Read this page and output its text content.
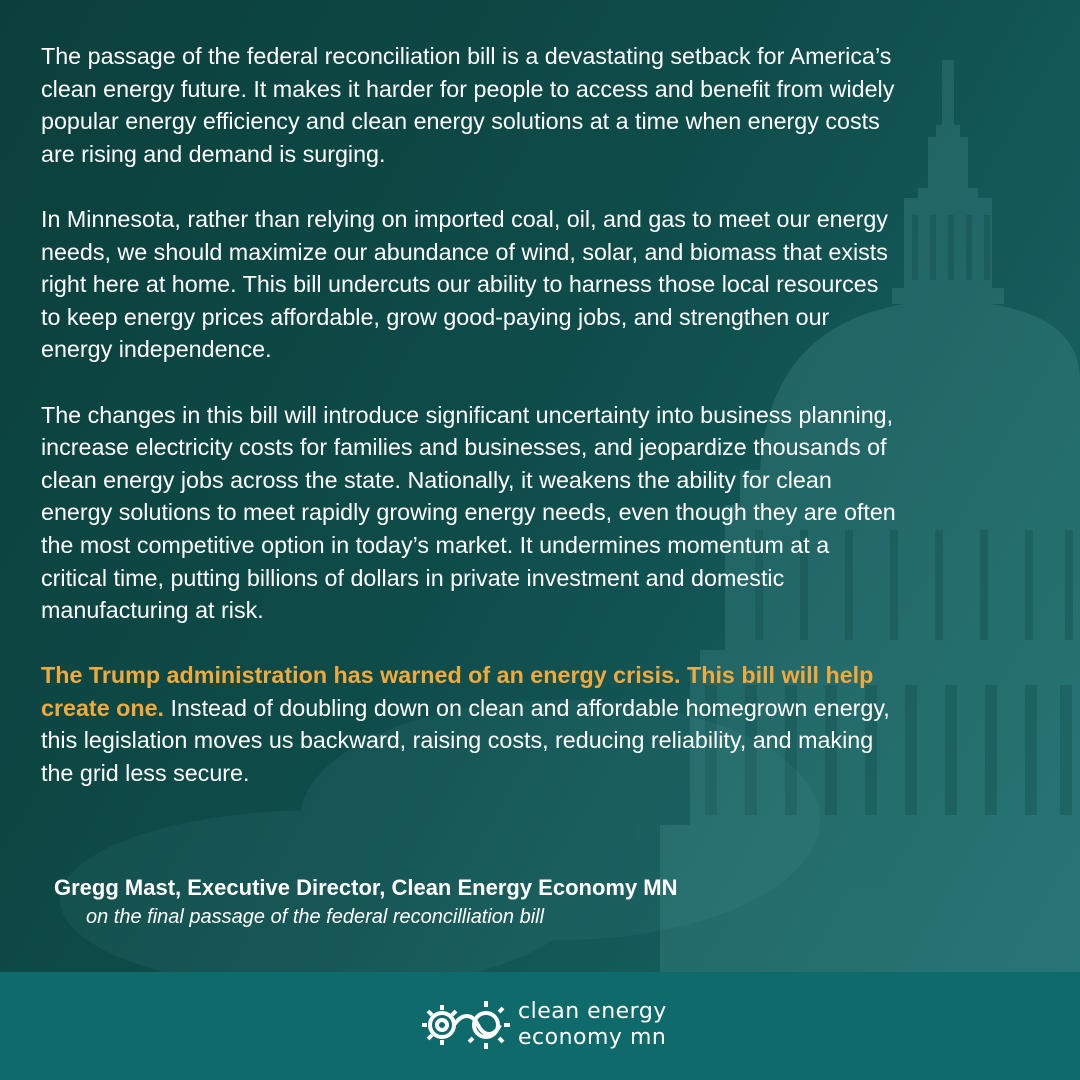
The passage of the federal reconciliation bill is a devastating setback for America’s clean energy future. It makes it harder for people to access and benefit from widely popular energy efficiency and clean energy solutions at a time when energy costs are rising and demand is surging.

In Minnesota, rather than relying on imported coal, oil, and gas to meet our energy needs, we should maximize our abundance of wind, solar, and biomass that exists right here at home. This bill undercuts our ability to harness those local resources to keep energy prices affordable, grow good-paying jobs, and strengthen our energy independence.

The changes in this bill will introduce significant uncertainty into business planning, increase electricity costs for families and businesses, and jeopardize thousands of clean energy jobs across the state. Nationally, it weakens the ability for clean energy solutions to meet rapidly growing energy needs, even though they are often the most competitive option in today’s market. It undermines momentum at a critical time, putting billions of dollars in private investment and domestic manufacturing at risk.

The Trump administration has warned of an energy crisis. This bill will help create one. Instead of doubling down on clean and affordable homegrown energy, this legislation moves us backward, raising costs, reducing reliability, and making the grid less secure.

Gregg Mast, Executive Director, Clean Energy Economy MN
on the final passage of the federal reconcilliation bill
clean energy
economy mn
